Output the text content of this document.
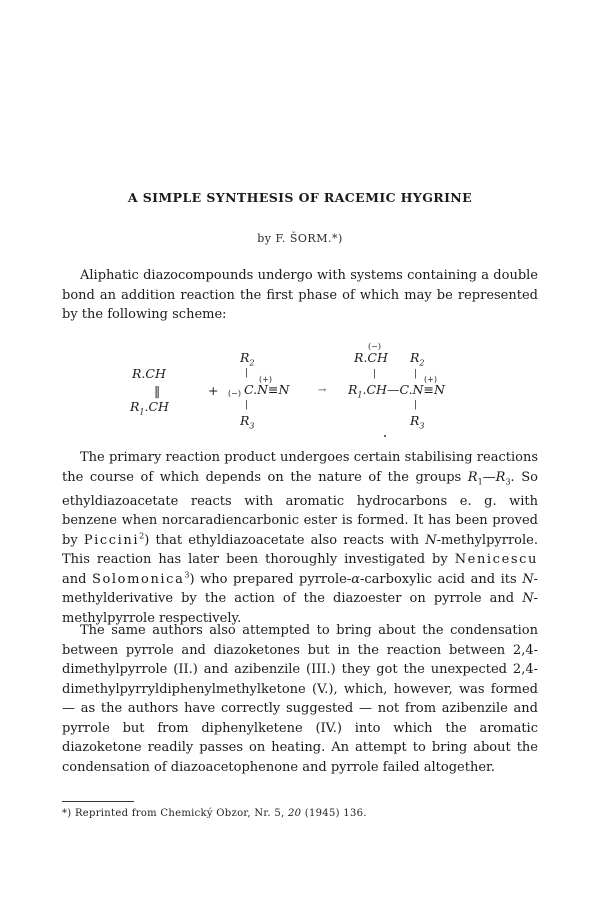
A SIMPLE SYNTHESIS OF RACEMIC HYGRINE
by F. ŠORM.*)

Aliphatic diazocompounds undergo with systems containing a double bond an addition reaction the first phase of which may be represented by the following scheme:

R.CH
‖
$R_1.CH$
+
$R_2$
|
(+)
(−) C.N≡N
|
$R_3$
→
(−)
R.CH $R_2$
|	|
(+)
$R_1.CH—C.N\equiv N$
|
$R_3$

The primary reaction product undergoes certain stabilising reactions the course of which depends on the nature of the groups $R_1—R_3$. So ethyldiazoacetate reacts with aromatic hydrocarbons e. g. with benzene when norcaradiencarbonic ester is formed. It has been proved by Piccini$^2$) that ethyldiazoacetate also reacts with N-methylpyrrole. This reaction has later been thoroughly investigated by Nenicescu and Solomonica$^3$) who prepared pyrrole-α-carboxylic acid and its N-methylderivative by the action of the diazoester on pyrrole and N-methylpyrrole respectively.

The same authors also attempted to bring about the condensation between pyrrole and diazoketones but in the reaction between 2,4-dimethylpyrrole (II.) and azibenzile (III.) they got the unexpected 2,4-dimethylpyrryldiphenylmethylketone (V.), which, however, was formed — as the authors have correctly suggested — not from azibenzile and pyrrole but from diphenylketene (IV.) into which the aromatic diazoketone readily passes on heating. An attempt to bring about the condensation of diazoacetophenone and pyrrole failed altogether.

*) Reprinted from Chemický Obzor, Nr. 5, 20 (1945) 136.
